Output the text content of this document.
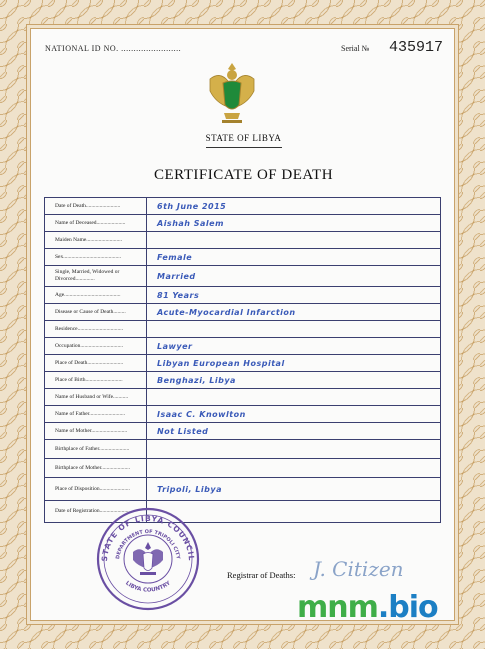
NATIONAL ID NO. ........................	Serial № 435917
STATE OF LIBYA
CERTIFICATE OF DEATH
Date of Death.........................	6th June 2015
Name of Deceased.....................	Aishah Salem
Maiden Name..........................
Sex..........................................	Female
Single, Married, Widowed or Divorced..............	Married
Age.........................................	81 Years
Disease or Cause of Death.........	Acute-Myocardial Infarction
Residence.................................
Occupation...............................	Lawyer
Place of Death..........................	Libyan European Hospital
Place of Birth...........................	Benghazi, Libya
Name of Husband or Wife...........
Name of Father..........................	Isaac C. Knowlton
Name of Mother..........................	Not Listed
Birthplace of Father......................
Birthplace of Mother.....................
Place of Disposition......................	Tripoli, Libya
Date of Registration......................
STATE OF LIBYA COUNCIL
DEPARTMENT OF TRIPOLI CITY
LIBYA COUNTRY
Registrar of Deaths: J. Citizen
mnm.bio
